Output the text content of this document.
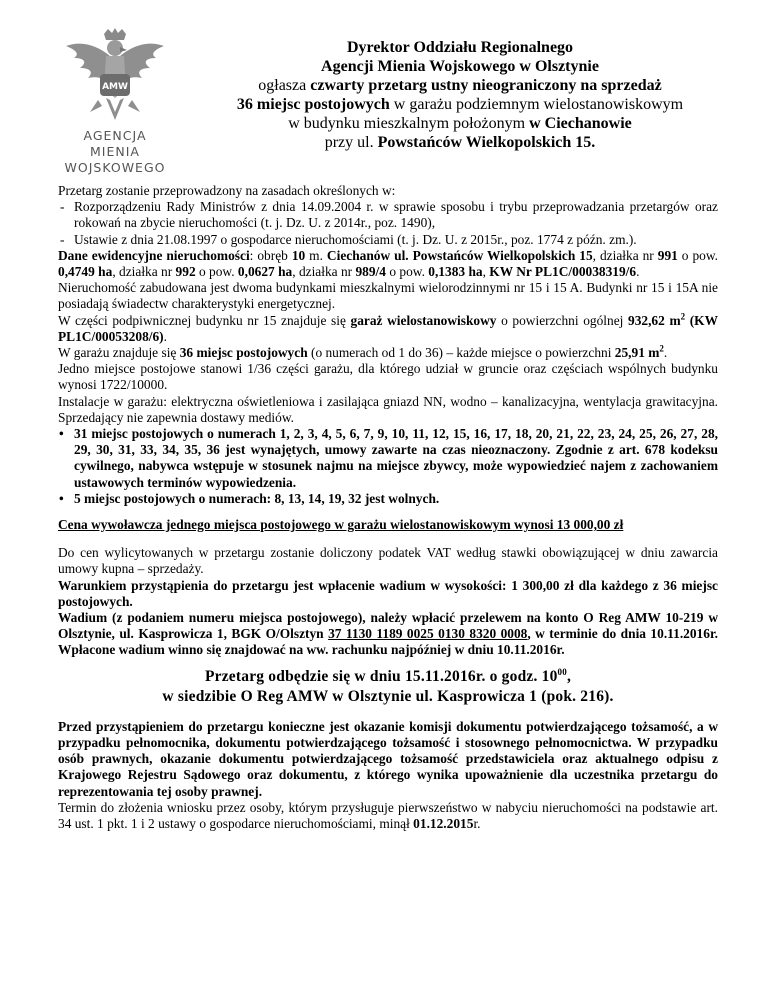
AMW
AGENCJA
MIENIA WOJSKOWEGO
Dyrektor Oddziału Regionalnego
Agencji Mienia Wojskowego w Olsztynie
ogłasza czwarty przetarg ustny nieograniczony na sprzedaż
36 miejsc postojowych w garażu podziemnym wielostanowiskowym
w budynku mieszkalnym położonym w Ciechanowie
przy ul. Powstańców Wielkopolskich 15.

Przetarg zostanie przeprowadzony na zasadach określonych w:

- Rozporządzeniu Rady Ministrów z dnia 14.09.2004 r. w sprawie sposobu i trybu przeprowadzania przetargów oraz rokowań na zbycie nieruchomości (t. j. Dz. U. z 2014r., poz. 1490),
- Ustawie z dnia 21.08.1997 o gospodarce nieruchomościami (t. j. Dz. U. z 2015r., poz. 1774 z późn. zm.).

Dane ewidencyjne nieruchomości: obręb 10 m. Ciechanów ul. Powstańców Wielkopolskich 15, działka nr 991 o pow. 0,4749 ha, działka nr 992 o pow. 0,0627 ha, działka nr 989/4 o pow. 0,1383 ha, KW Nr PL1C/00038319/6.

Nieruchomość zabudowana jest dwoma budynkami mieszkalnymi wielorodzinnymi nr 15 i 15 A. Budynki nr 15 i 15A nie posiadają świadectw charakterystyki energetycznej.

W części podpiwnicznej budynku nr 15 znajduje się garaż wielostanowiskowy o powierzchni ogólnej 932,62 $m^2$ (KW PL1C/00053208/6).

W garażu znajduje się 36 miejsc postojowych (o numerach od 1 do 36) – każde miejsce o powierzchni 25,91 $m^2$.

Jedno miejsce postojowe stanowi 1/36 części garażu, dla którego udział w gruncie oraz częściach wspólnych budynku wynosi 1722/10000.

Instalacje w garażu: elektryczna oświetleniowa i zasilająca gniazd NN, wodno – kanalizacyjna, wentylacja grawitacyjna. Sprzedający nie zapewnia dostawy mediów.

• 31 miejsc postojowych o numerach 1, 2, 3, 4, 5, 6, 7, 9, 10, 11, 12, 15, 16, 17, 18, 20, 21, 22, 23, 24, 25, 26, 27, 28, 29, 30, 31, 33, 34, 35, 36 jest wynajętych, umowy zawarte na czas nieoznaczony. Zgodnie z art. 678 kodeksu cywilnego, nabywca wstępuje w stosunek najmu na miejsce zbywcy, może wypowiedzieć najem z zachowaniem ustawowych terminów wypowiedzenia.
• 5 miejsc postojowych o numerach: 8, 13, 14, 19, 32 jest wolnych.

Cena wywoławcza jednego miejsca postojowego w garażu wielostanowiskowym wynosi 13 000,00 zł

Do cen wylicytowanych w przetargu zostanie doliczony podatek VAT według stawki obowiązującej w dniu zawarcia umowy kupna – sprzedaży.

Warunkiem przystąpienia do przetargu jest wpłacenie wadium w wysokości: 1 300,00 zł dla każdego z 36 miejsc postojowych.

Wadium (z podaniem numeru miejsca postojowego), należy wpłacić przelewem na konto O Reg AMW 10-219 w Olsztynie, ul. Kasprowicza 1, BGK O/Olsztyn 37 1130 1189 0025 0130 8320 0008, w terminie do dnia 10.11.2016r. Wpłacone wadium winno się znajdować na ww. rachunku najpóźniej w dniu 10.11.2016r.

Przetarg odbędzie się w dniu 15.11.2016r. o godz. $10^{00}$,

w siedzibie O Reg AMW w Olsztynie ul. Kasprowicza 1 (pok. 216).

Przed przystąpieniem do przetargu konieczne jest okazanie komisji dokumentu potwierdzającego tożsamość, a w przypadku pełnomocnika, dokumentu potwierdzającego tożsamość i stosownego pełnomocnictwa. W przypadku osób prawnych, okazanie dokumentu potwierdzającego tożsamość przedstawiciela oraz aktualnego odpisu z Krajowego Rejestru Sądowego oraz dokumentu, z którego wynika upoważnienie dla uczestnika przetargu do reprezentowania tej osoby prawnej.

Termin do złożenia wniosku przez osoby, którym przysługuje pierwszeństwo w nabyciu nieruchomości na podstawie art. 34 ust. 1 pkt. 1 i 2 ustawy o gospodarce nieruchomościami, minął 01.12.2015r.
